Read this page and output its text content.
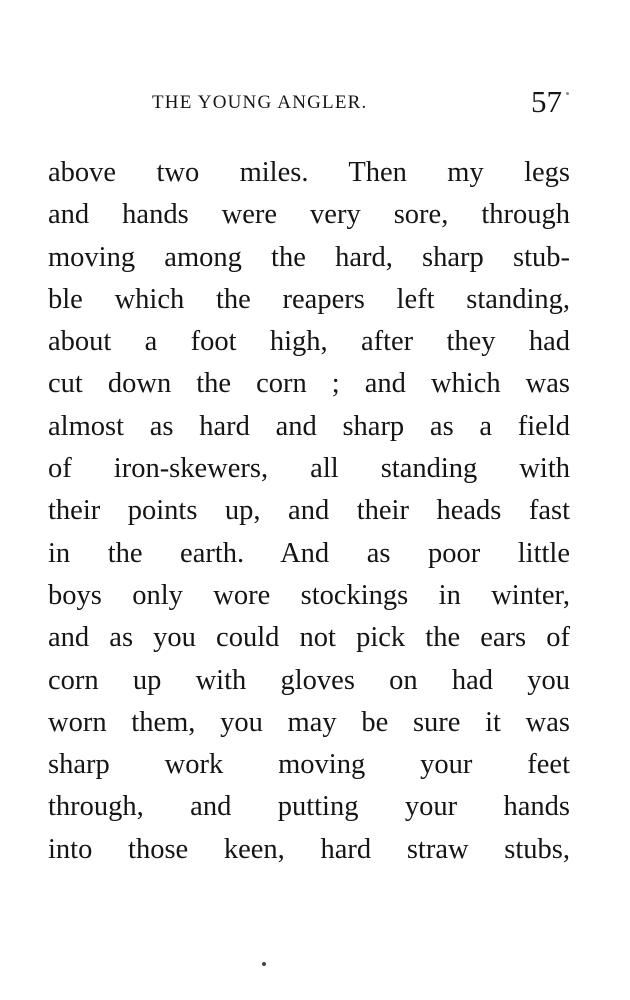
THE YOUNG ANGLER.	57
above two miles. Then my legs
and hands were very sore, through
moving among the hard, sharp stub-
ble which the reapers left standing,
about a foot high, after they had
cut down the corn ; and which was
almost as hard and sharp as a field
of iron-skewers, all standing with
their points up, and their heads fast
in the earth. And as poor little
boys only wore stockings in winter,
and as you could not pick the ears of
corn up with gloves on had you
worn them, you may be sure it was
sharp work moving your feet
through, and putting your hands
into those keen, hard straw stubs,
